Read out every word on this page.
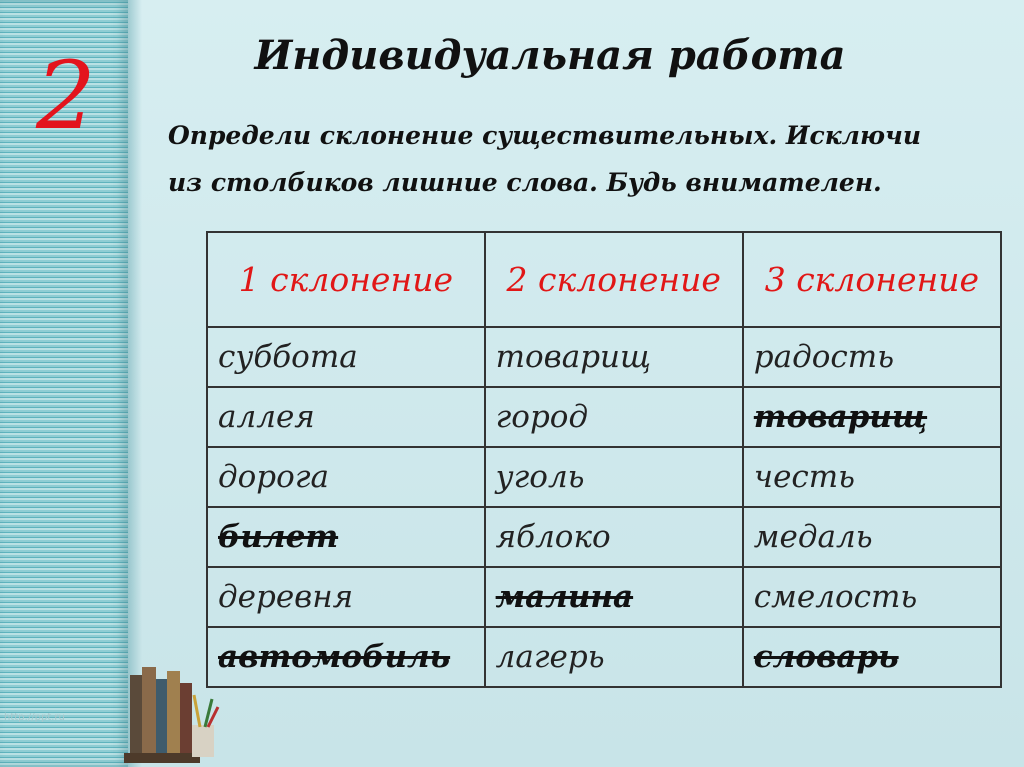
2	Индивидуальная работа
Определи склонение существительных. Исключи
из столбиков лишние слова. Будь внимателен.
1 склонение	2 склонение	3 склонение
суббота	товарищ	радость
аллея	город	товарищ
дорога	уголь	честь
билет	яблоко	медаль
деревня	малина	смелость
автомобиль	лагерь	словарь
http://ppt.ru
